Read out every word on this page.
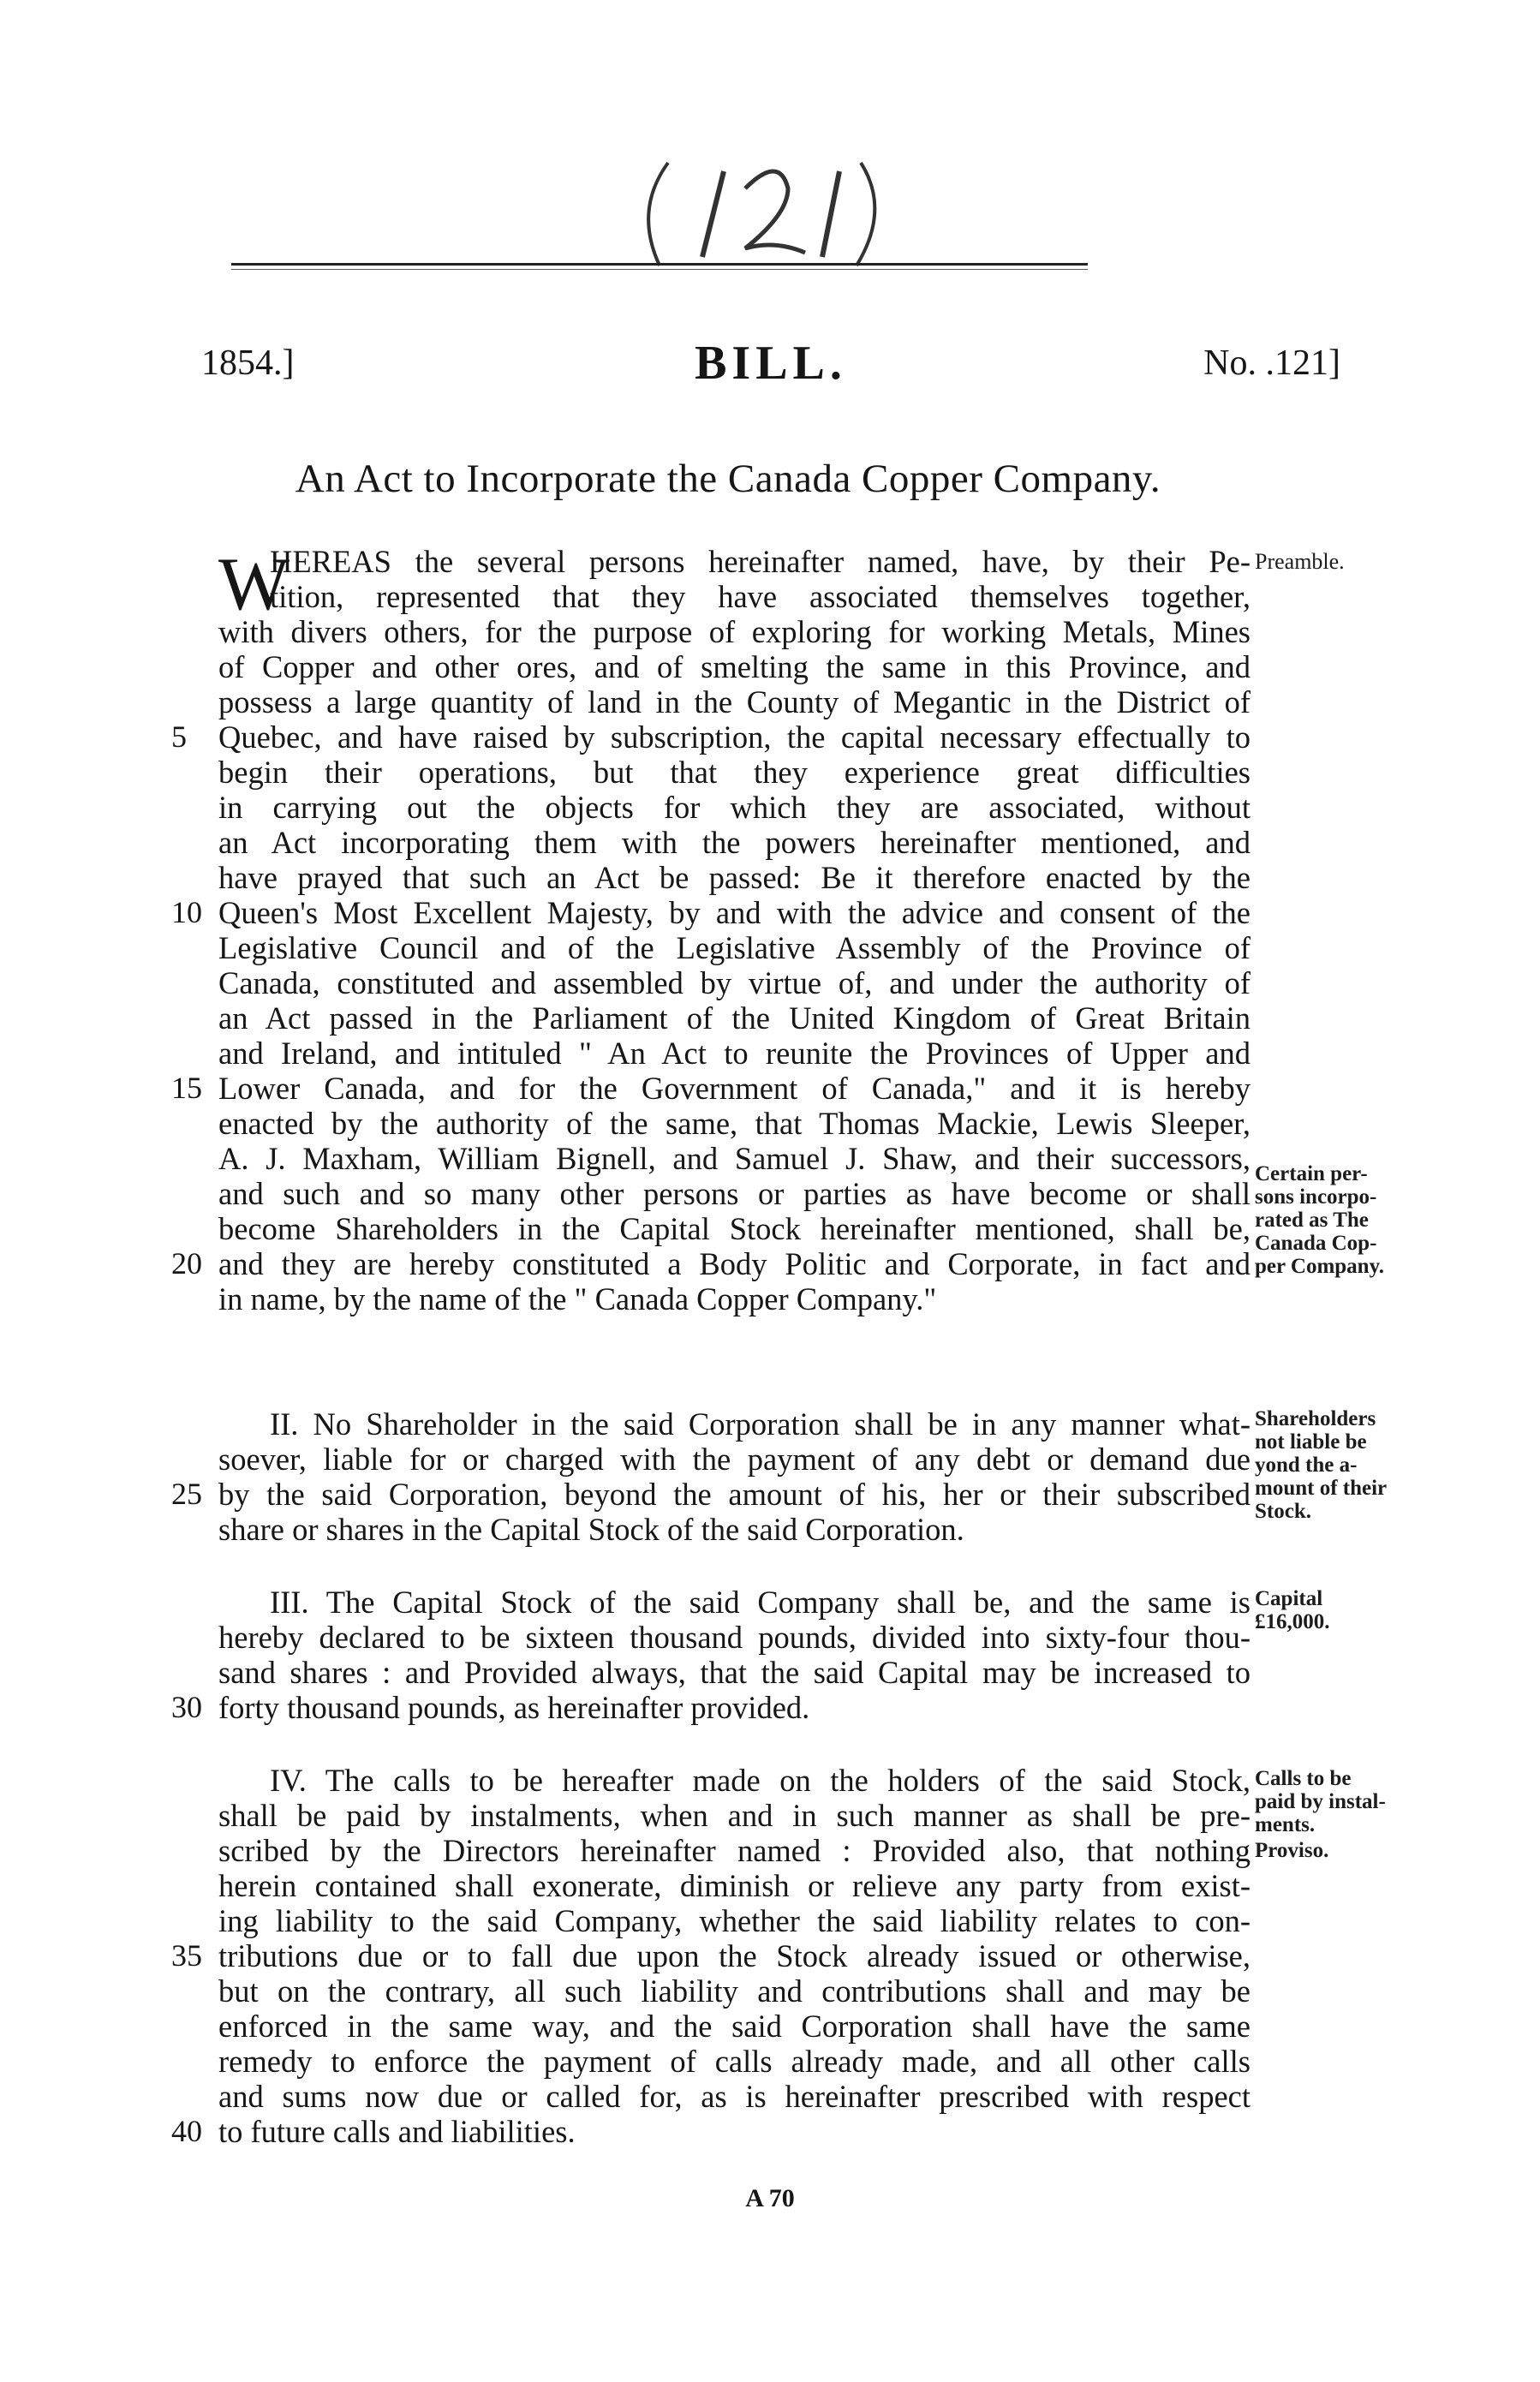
1854.]	BILL.	No. .121]
An Act to Incorporate the Canada Copper Company.
W
HEREAS the several persons hereinafter named, have, by their Pe-
tition, represented that they have associated themselves together,
with divers others, for the purpose of exploring for working Metals, Mines
of Copper and other ores, and of smelting the same in this Province, and
possess a large quantity of land in the County of Megantic in the District of
5 Quebec, and have raised by subscription, the capital necessary effectually to
begin their operations, but that they experience great difficulties
in carrying out the objects for which they are associated, without
an Act incorporating them with the powers hereinafter mentioned, and
have prayed that such an Act be passed: Be it therefore enacted by the
10 Queen's Most Excellent Majesty, by and with the advice and consent of the
Legislative Council and of the Legislative Assembly of the Province of
Canada, constituted and assembled by virtue of, and under the authority of
an Act passed in the Parliament of the United Kingdom of Great Britain
and Ireland, and intituled " An Act to reunite the Provinces of Upper and
15 Lower Canada, and for the Government of Canada," and it is hereby
enacted by the authority of the same, that Thomas Mackie, Lewis Sleeper,
A. J. Maxham, William Bignell, and Samuel J. Shaw, and their successors,
and such and so many other persons or parties as have become or shall
become Shareholders in the Capital Stock hereinafter mentioned, shall be,
20 and they are hereby constituted a Body Politic and Corporate, in fact and
in name, by the name of the " Canada Copper Company."
II. No Shareholder in the said Corporation shall be in any manner what-
soever, liable for or charged with the payment of any debt or demand due
25 by the said Corporation, beyond the amount of his, her or their subscribed
share or shares in the Capital Stock of the said Corporation.
III. The Capital Stock of the said Company shall be, and the same is
hereby declared to be sixteen thousand pounds, divided into sixty-four thou-
sand shares : and Provided always, that the said Capital may be increased to
30 forty thousand pounds, as hereinafter provided.
IV. The calls to be hereafter made on the holders of the said Stock,
shall be paid by instalments, when and in such manner as shall be pre-
scribed by the Directors hereinafter named : Provided also, that nothing
herein contained shall exonerate, diminish or relieve any party from exist-
ing liability to the said Company, whether the said liability relates to con-
35 tributions due or to fall due upon the Stock already issued or otherwise,
but on the contrary, all such liability and contributions shall and may be
enforced in the same way, and the said Corporation shall have the same
remedy to enforce the payment of calls already made, and all other calls
and sums now due or called for, as is hereinafter prescribed with respect
40 to future calls and liabilities.
Preamble.
Certain per-
sons incorpo-
rated as The
Canada Cop-
per Company.
Shareholders
not liable be
yond the a-
mount of their
Stock.
Capital
£16,000.
Calls to be
paid by instal-
ments.
Proviso.
A 70
